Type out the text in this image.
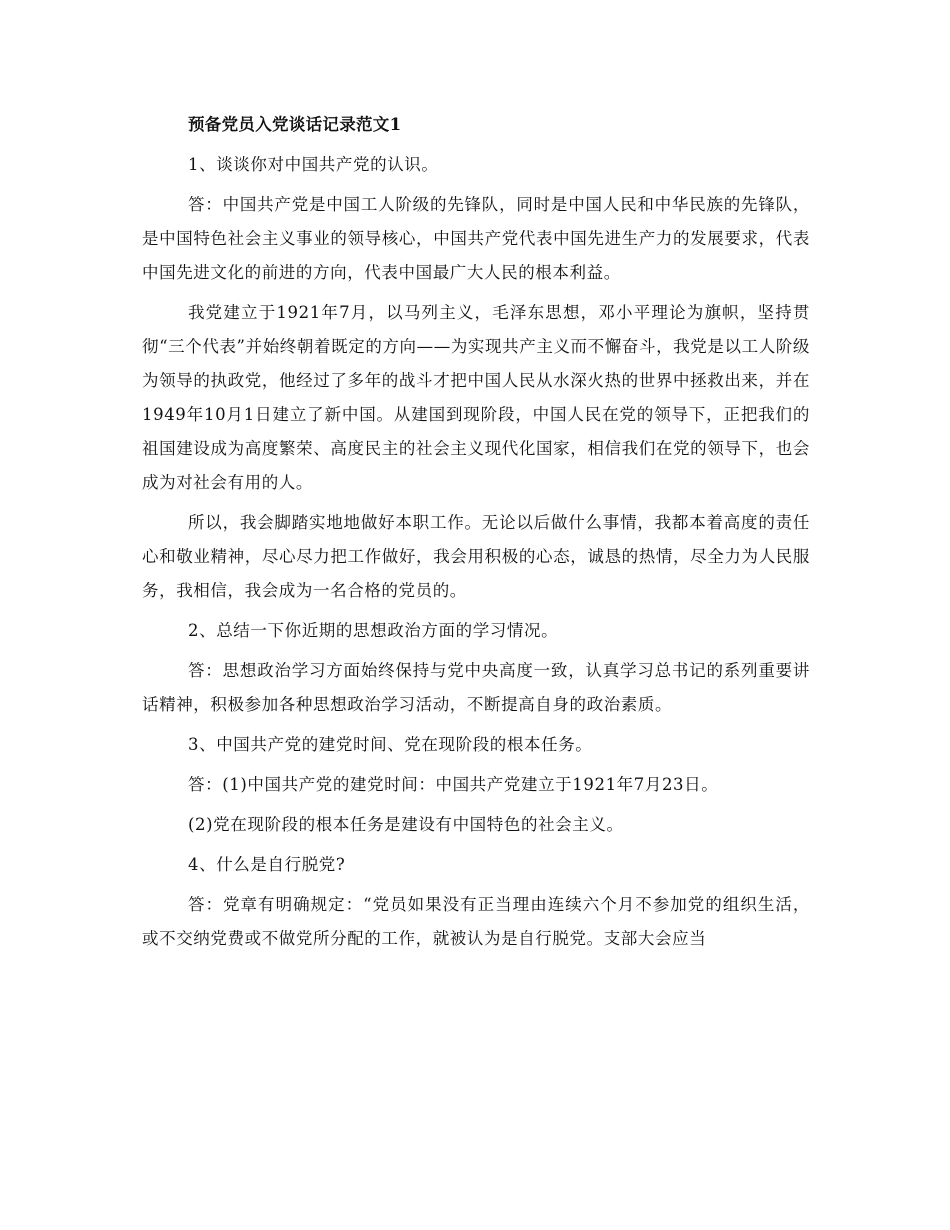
预备党员入党谈话记录范文1

1、谈谈你对中国共产党的认识。

答：中国共产党是中国工人阶级的先锋队，同时是中国人民和中华民族的先锋队，是中国特色社会主义事业的领导核心，中国共产党代表中国先进生产力的发展要求，代表中国先进文化的前进的方向，代表中国最广大人民的根本利益。

我党建立于1921年7月，以马列主义，毛泽东思想，邓小平理论为旗帜，坚持贯彻“三个代表”并始终朝着既定的方向——为实现共产主义而不懈奋斗，我党是以工人阶级为领导的执政党，他经过了多年的战斗才把中国人民从水深火热的世界中拯救出来，并在1949年10月1日建立了新中国。从建国到现阶段，中国人民在党的领导下，正把我们的祖国建设成为高度繁荣、高度民主的社会主义现代化国家，相信我们在党的领导下，也会成为对社会有用的人。

所以，我会脚踏实地地做好本职工作。无论以后做什么事情，我都本着高度的责任心和敬业精神，尽心尽力把工作做好，我会用积极的心态，诚恳的热情，尽全力为人民服务，我相信，我会成为一名合格的党员的。

2、总结一下你近期的思想政治方面的学习情况。

答：思想政治学习方面始终保持与党中央高度一致，认真学习总书记的系列重要讲话精神，积极参加各种思想政治学习活动，不断提高自身的政治素质。

3、中国共产党的建党时间、党在现阶段的根本任务。

答：(1)中国共产党的建党时间：中国共产党建立于1921年7月23日。

(2)党在现阶段的根本任务是建设有中国特色的社会主义。

4、什么是自行脱党?

答：党章有明确规定：“党员如果没有正当理由连续六个月不参加党的组织生活，或不交纳党费或不做党所分配的工作，就被认为是自行脱党。支部大会应当
